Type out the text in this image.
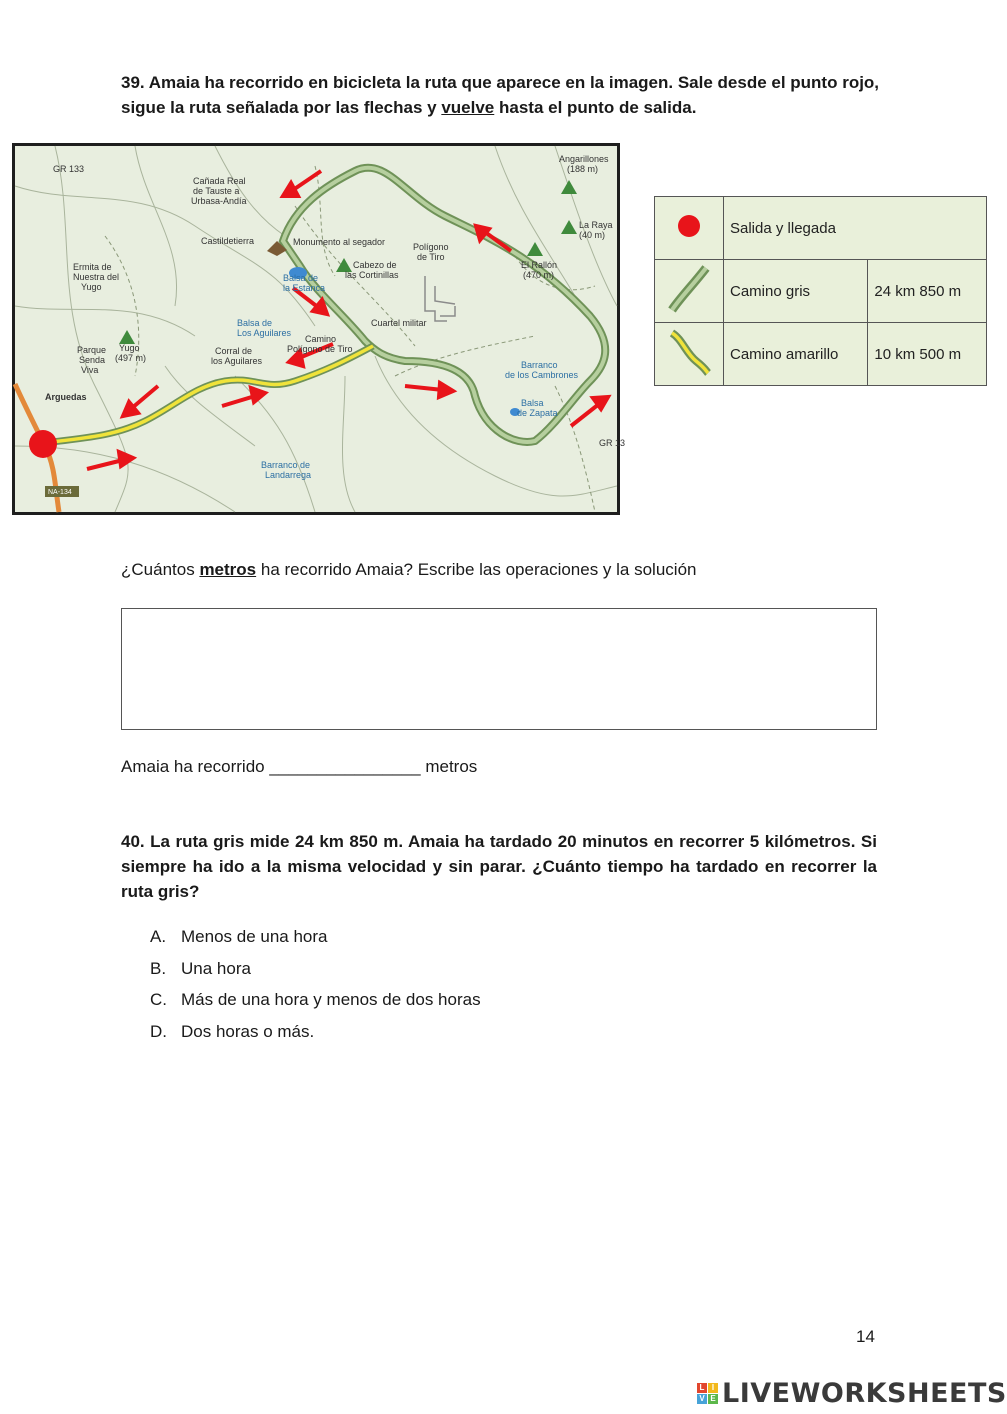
39. Amaia ha recorrido en bicicleta la ruta que aparece en la imagen. Sale desde el punto rojo, sigue la ruta señalada por las flechas y vuelve hasta el punto de salida.
NA-134
GR 133
Cañada Real
de Tauste a
Urbasa-Andía
Castildetierra	Monumento al segador
Ermita de
Nuestra del
Yugo
Cabezo de
las Cortinillas
Polígono
de Tiro
Balsa de
la Estanca
Balsa de
Los Aguilares
Yugo
(497 m)
Parque
Senda
Viva
Corral de
los Aguilares
Camino
Polígono de Tiro
Cuartel militar
Arguedas
El Rallón
(470 m)
Angarillones
(188 m)
La Raya
(40 m)
Barranco
de los Cambrones
Balsa
de Zapata
Barranco de
Landarrega
GR 13
	Salida y llegada	
	Camino gris	24 km 850 m
	Camino amarillo	10 km 500 m
¿Cuántos metros ha recorrido Amaia? Escribe las operaciones y la solución
Amaia ha recorrido ________________ metros

40. La ruta gris mide 24 km 850 m. Amaia ha tardado 20 minutos en recorrer 5 kilómetros. Si siempre ha ido a la misma velocidad y sin parar. ¿Cuánto tiempo ha tardado en recorrer la ruta gris?

A. Menos de una hora
B. Una hora
C. Más de una hora y menos de dos horas
D. Dos horas o más.
14
L I
V E LIVEWORKSHEETS
